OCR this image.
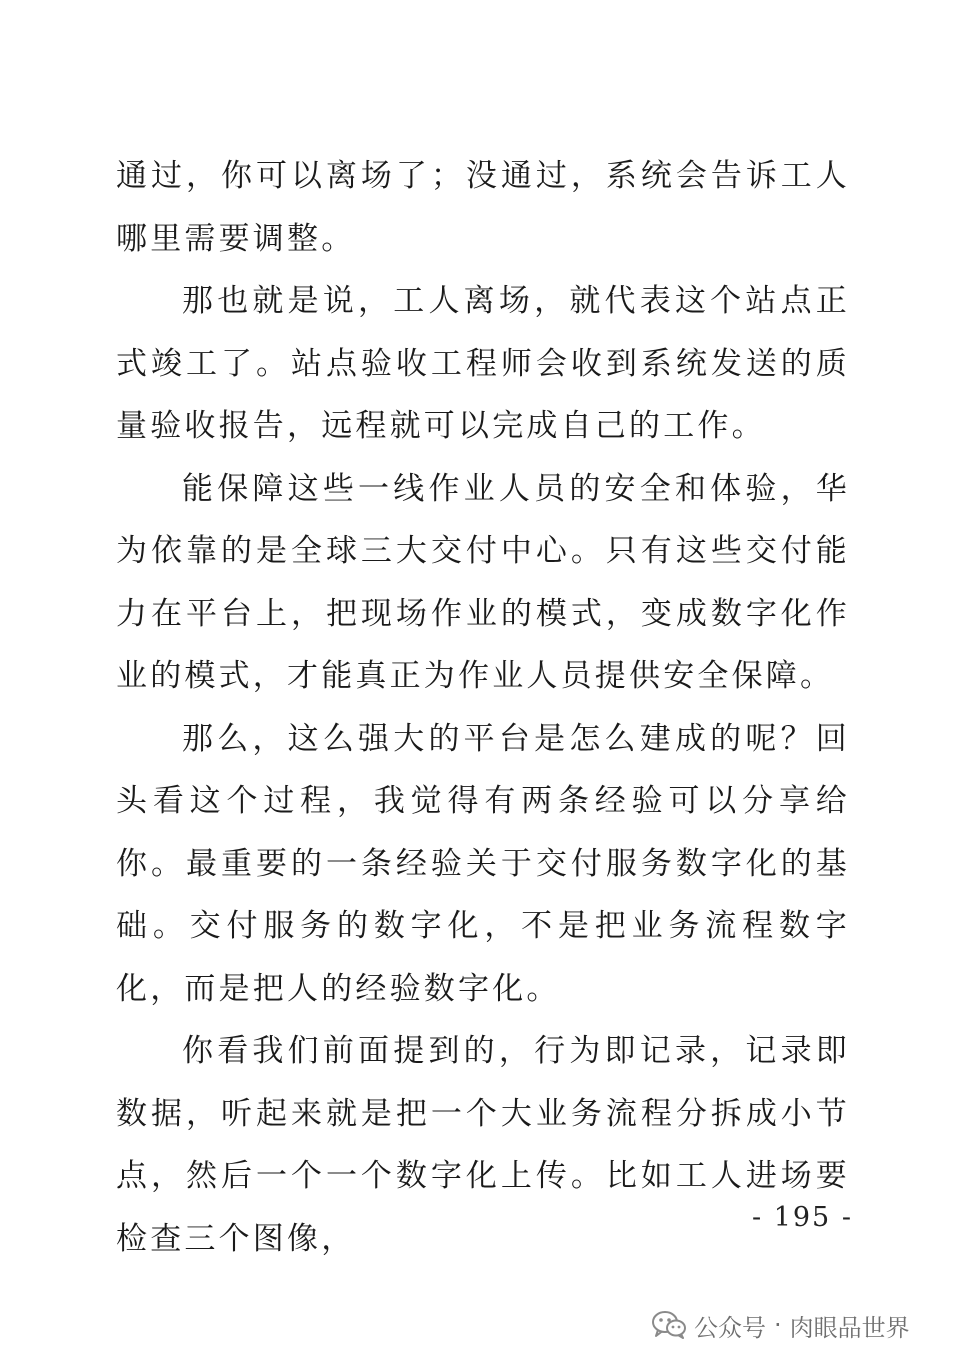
通过，你可以离场了；没通过，系统会告诉工人哪里需要调整。

那也就是说，工人离场，就代表这个站点正式竣工了。站点验收工程师会收到系统发送的质量验收报告，远程就可以完成自己的工作。

能保障这些一线作业人员的安全和体验，华为依靠的是全球三大交付中心。只有这些交付能力在平台上，把现场作业的模式，变成数字化作业的模式，才能真正为作业人员提供安全保障。

那么，这么强大的平台是怎么建成的呢？回头看这个过程，我觉得有两条经验可以分享给你。最重要的一条经验关于交付服务数字化的基础。交付服务的数字化，不是把业务流程数字化，而是把人的经验数字化。

你看我们前面提到的，行为即记录，记录即数据，听起来就是把一个大业务流程分拆成小节点，然后一个一个数字化上传。比如工人进场要检查三个图像，

- 195 -
公众号 · 肉眼品世界
